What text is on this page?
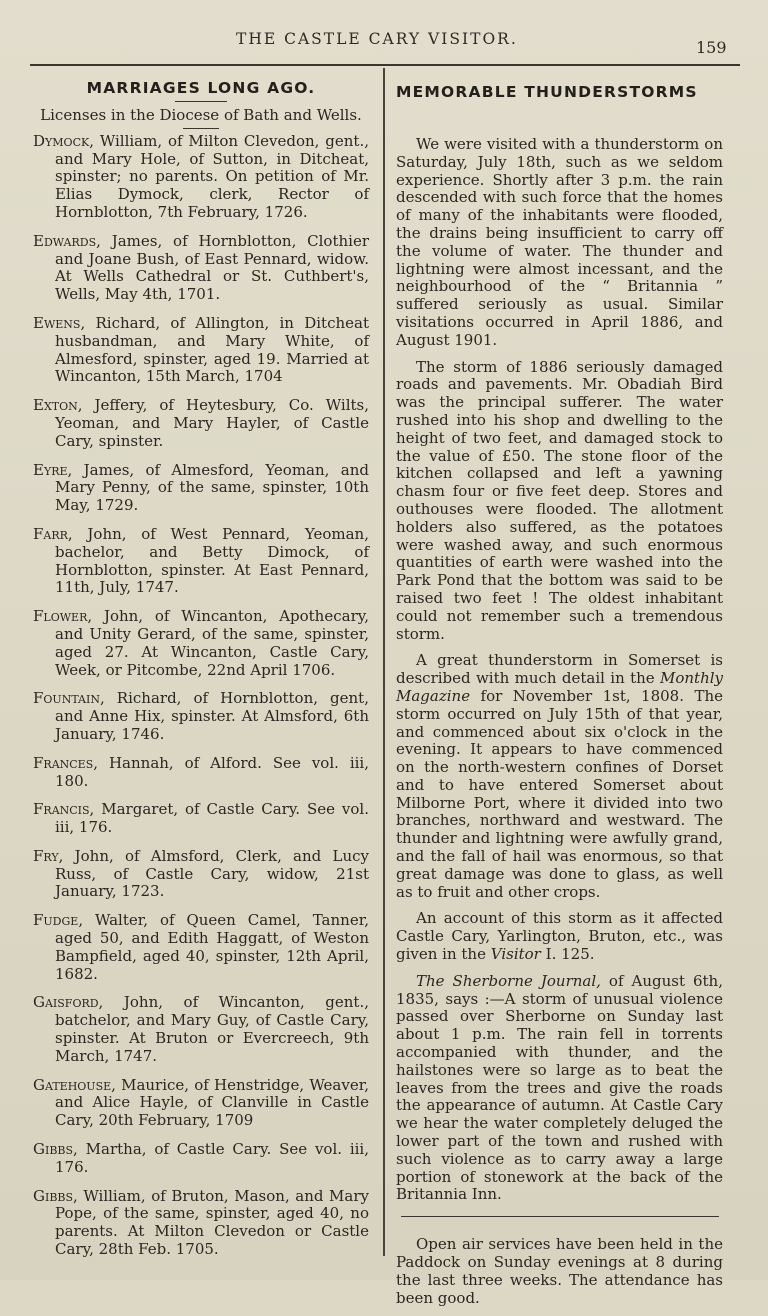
THE CASTLE CARY VISITOR.	159
MARRIAGES LONG AGO.

Licenses in the Diocese of Bath and Wells.

Dymock, William, of Milton Clevedon, gent., and Mary Hole, of Sutton, in Ditcheat, spinster; no parents. On petition of Mr. Elias Dymock, clerk, Rector of Hornblotton, 7th February, 1726.

Edwards, James, of Hornblotton, Clothier and Joane Bush, of East Pennard, widow. At Wells Cathedral or St. Cuthbert's, Wells, May 4th, 1701.

Ewens, Richard, of Allington, in Ditcheat husbandman, and Mary White, of Almesford, spinster, aged 19. Married at Wincanton, 15th March, 1704

Exton, Jeffery, of Heytesbury, Co. Wilts, Yeoman, and Mary Hayler, of Castle Cary, spinster.

Eyre, James, of Almesford, Yeoman, and Mary Penny, of the same, spinster, 10th May, 1729.

Farr, John, of West Pennard, Yeoman, bachelor, and Betty Dimock, of Hornblotton, spinster. At East Pennard, 11th, July, 1747.

Flower, John, of Wincanton, Apothecary, and Unity Gerard, of the same, spinster, aged 27. At Wincanton, Castle Cary, Week, or Pitcombe, 22nd April 1706.

Fountain, Richard, of Hornblotton, gent, and Anne Hix, spinster. At Almsford, 6th January, 1746.

Frances, Hannah, of Alford. See vol. iii, 180.

Francis, Margaret, of Castle Cary. See vol. iii, 176.

Fry, John, of Almsford, Clerk, and Lucy Russ, of Castle Cary, widow, 21st January, 1723.

Fudge, Walter, of Queen Camel, Tanner, aged 50, and Edith Haggatt, of Weston Bampfield, aged 40, spinster, 12th April, 1682.

Gaisford, John, of Wincanton, gent., batchelor, and Mary Guy, of Castle Cary, spinster. At Bruton or Evercreech, 9th March, 1747.

Gatehouse, Maurice, of Henstridge, Weaver, and Alice Hayle, of Clanville in Castle Cary, 20th February, 1709

Gibbs, Martha, of Castle Cary. See vol. iii, 176.

Gibbs, William, of Bruton, Mason, and Mary Pope, of the same, spinster, aged 40, no parents. At Milton Clevedon or Castle Cary, 28th Feb. 1705.

MEMORABLE THUNDERSTORMS

We were visited with a thunderstorm on Saturday, July 18th, such as we seldom experience. Shortly after 3 p.m. the rain descended with such force that the homes of many of the inhabitants were flooded, the drains being insufficient to carry off the volume of water. The thunder and lightning were almost incessant, and the neighbourhood of the “ Britannia ” suffered seriously as usual. Similar visitations occurred in April 1886, and August 1901.

The storm of 1886 seriously damaged roads and pavements. Mr. Obadiah Bird was the principal sufferer. The water rushed into his shop and dwelling to the height of two feet, and damaged stock to the value of £50. The stone floor of the kitchen collapsed and left a yawning chasm four or five feet deep. Stores and outhouses were flooded. The allotment holders also suffered, as the potatoes were washed away, and such enormous quantities of earth were washed into the Park Pond that the bottom was said to be raised two feet ! The oldest inhabitant could not remember such a tremendous storm.

A great thunderstorm in Somerset is described with much detail in the Monthly Magazine for November 1st, 1808. The storm occurred on July 15th of that year, and commenced about six o'clock in the evening. It appears to have commenced on the north-western confines of Dorset and to have entered Somerset about Milborne Port, where it divided into two branches, northward and westward. The thunder and lightning were awfully grand, and the fall of hail was enormous, so that great damage was done to glass, as well as to fruit and other crops.

An account of this storm as it affected Castle Cary, Yarlington, Bruton, etc., was given in the Visitor I. 125.

The Sherborne Journal, of August 6th, 1835, says :—A storm of unusual violence passed over Sherborne on Sunday last about 1 p.m. The rain fell in torrents accompanied with thunder, and the hailstones were so large as to beat the leaves from the trees and give the roads the appearance of autumn. At Castle Cary we hear the water completely deluged the lower part of the town and rushed with such violence as to carry away a large portion of stonework at the back of the Britannia Inn.

Open air services have been held in the Paddock on Sunday evenings at 8 during the last three weeks. The attendance has been good.
